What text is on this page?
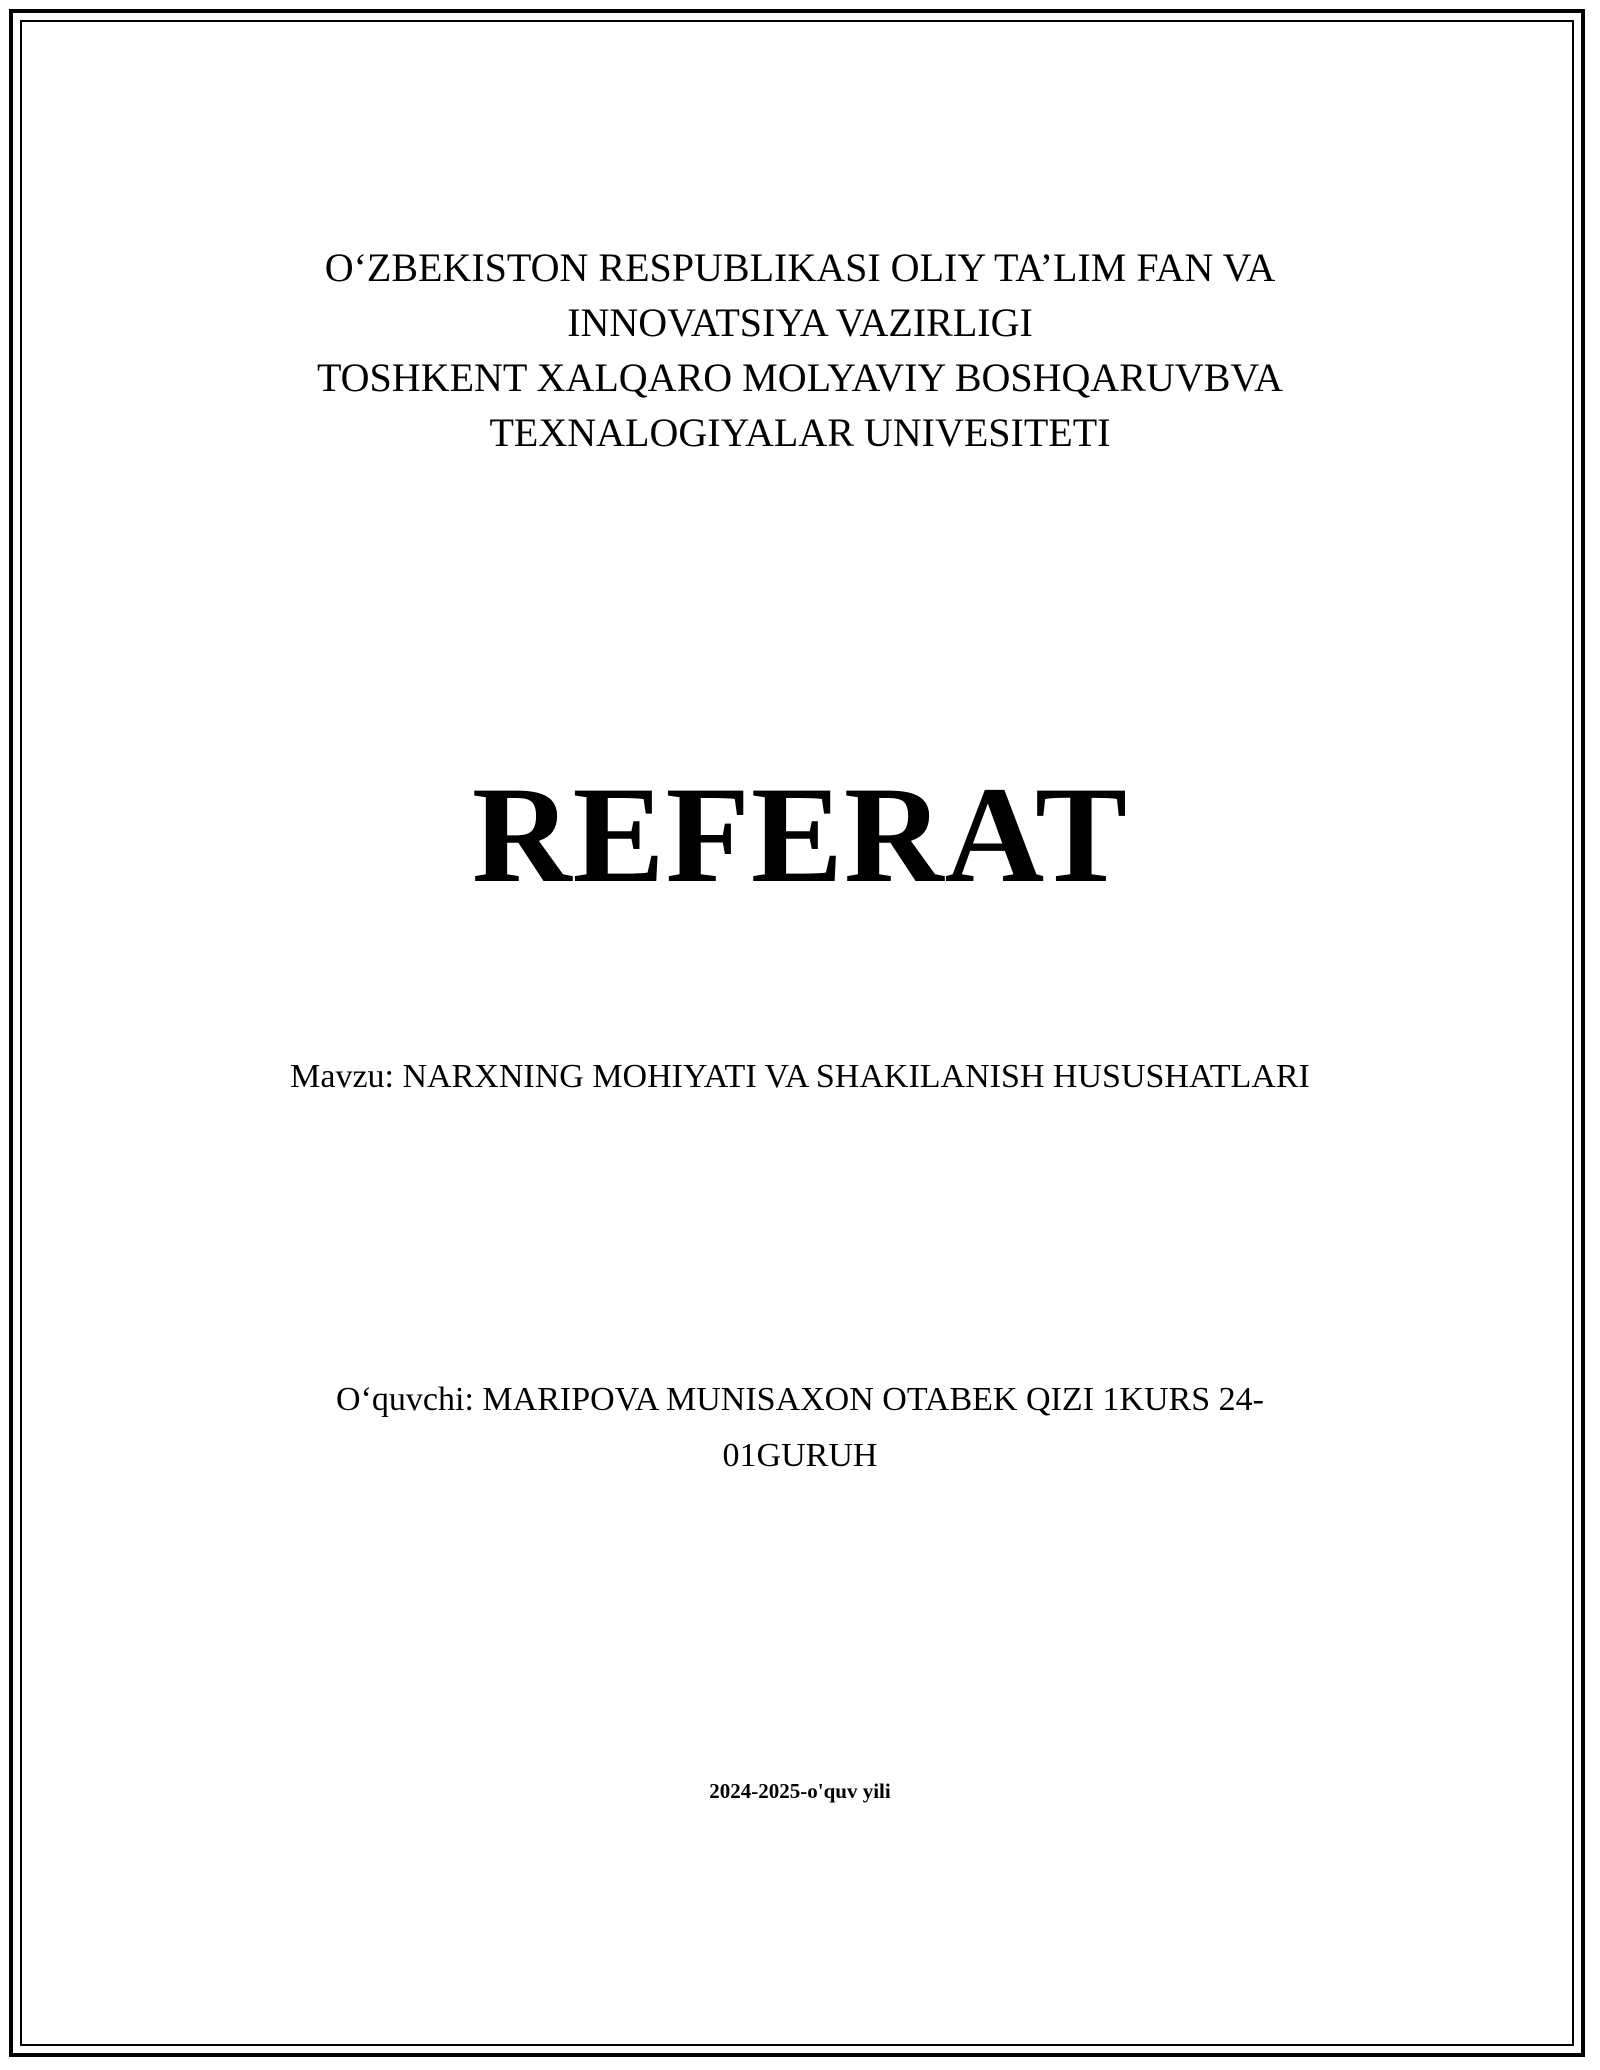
O‘ZBEKISTON RESPUBLIKASI OLIY TA’LIM FAN VA
INNOVATSIYA VAZIRLIGI
TOSHKENT XALQARO MOLYAVIY BOSHQARUVBVA
TEXNALOGIYALAR UNIVESITETI
REFERAT
Mavzu: NARXNING MOHIYATI VA SHAKILANISH HUSUSHATLARI
O‘quvchi: MARIPOVA MUNISAXON OTABEK QIZI 1KURS 24-
01GURUH
2024-2025-o'quv yili
